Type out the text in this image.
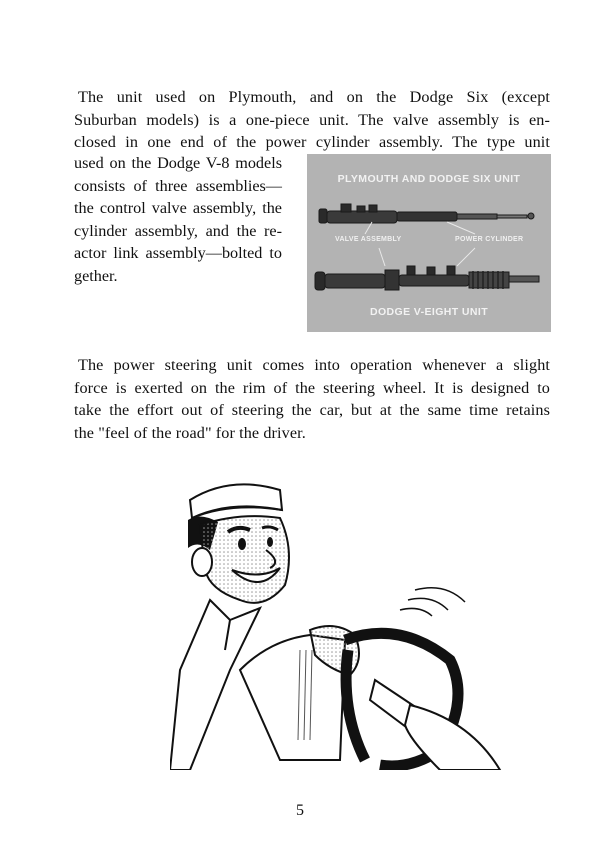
The unit used on Plymouth, and on the Dodge Six (except
Suburban models) is a one-piece unit. The valve assembly is en-
closed in one end of the power cylinder assembly. The type unit
used on the Dodge V-8 models
consists of three assemblies—
the control valve assembly, the
cylinder assembly, and the re-
actor link assembly—bolted to
gether.
PLYMOUTH AND DODGE SIX UNIT
VALVE ASSEMBLY	POWER CYLINDER
DODGE V-EIGHT UNIT
The power steering unit comes into operation whenever a slight
force is exerted on the rim of the steering wheel. It is designed to
take the effort out of steering the car, but at the same time retains
the "feel of the road" for the driver.
5
